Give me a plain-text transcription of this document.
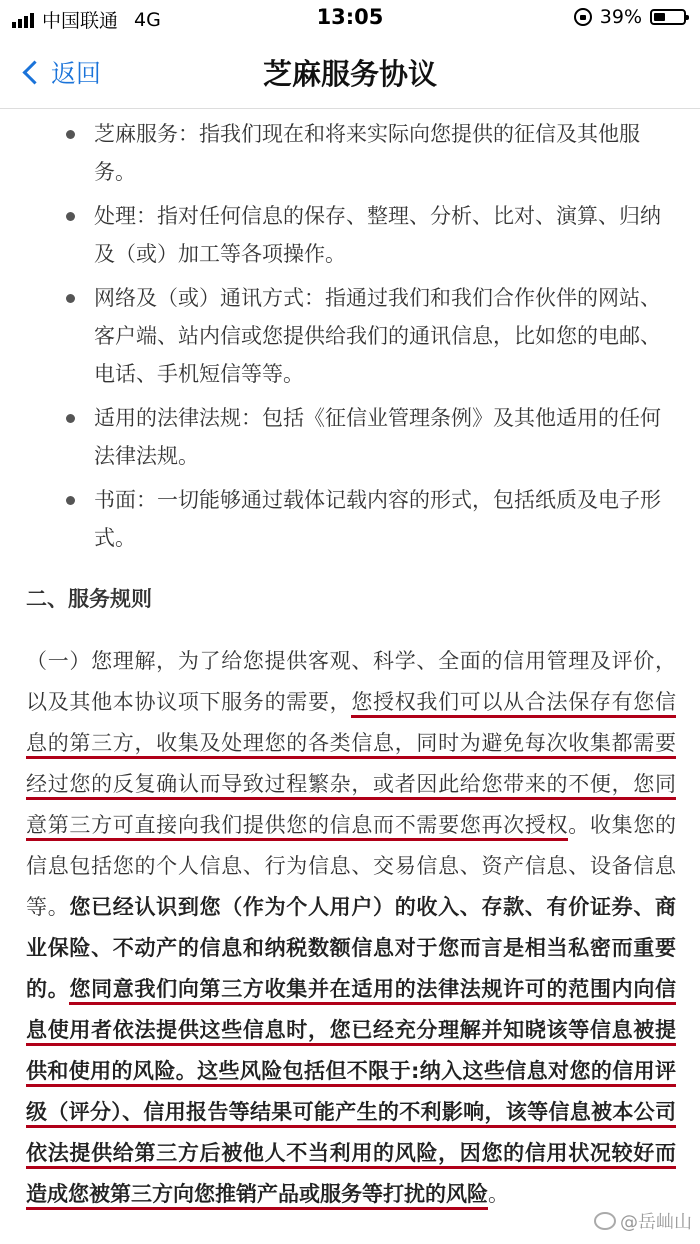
中国联通 4G	13:05	39%
返回	芝麻服务协议
芝麻服务：指我们现在和将来实际向您提供的征信及其他服务。
处理：指对任何信息的保存、整理、分析、比对、演算、归纳及（或）加工等各项操作。
网络及（或）通讯方式：指通过我们和我们合作伙伴的网站、客户端、站内信或您提供给我们的通讯信息，比如您的电邮、电话、手机短信等等。
适用的法律法规：包括《征信业管理条例》及其他适用的任何法律法规。
书面：一切能够通过载体记载内容的形式，包括纸质及电子形式。
二、服务规则
（一）您理解，为了给您提供客观、科学、全面的信用管理及评价，以及其他本协议项下服务的需要，您授权我们可以从合法保存有您信息的第三方，收集及处理您的各类信息，同时为避免每次收集都需要经过您的反复确认而导致过程繁杂，或者因此给您带来的不便，您同意第三方可直接向我们提供您的信息而不需要您再次授权。收集您的信息包括您的个人信息、行为信息、交易信息、资产信息、设备信息等。您已经认识到您（作为个人用户）的收入、存款、有价证券、商业保险、不动产的信息和纳税数额信息对于您而言是相当私密而重要的。您同意我们向第三方收集并在适用的法律法规许可的范围内向信息使用者依法提供这些信息时，您已经充分理解并知晓该等信息被提供和使用的风险。这些风险包括但不限于:纳入这些信息对您的信用评级（评分）、信用报告等结果可能产生的不利影响，该等信息被本公司依法提供给第三方后被他人不当利用的风险，因您的信用状况较好而造成您被第三方向您推销产品或服务等打扰的风险。
@岳屾山
